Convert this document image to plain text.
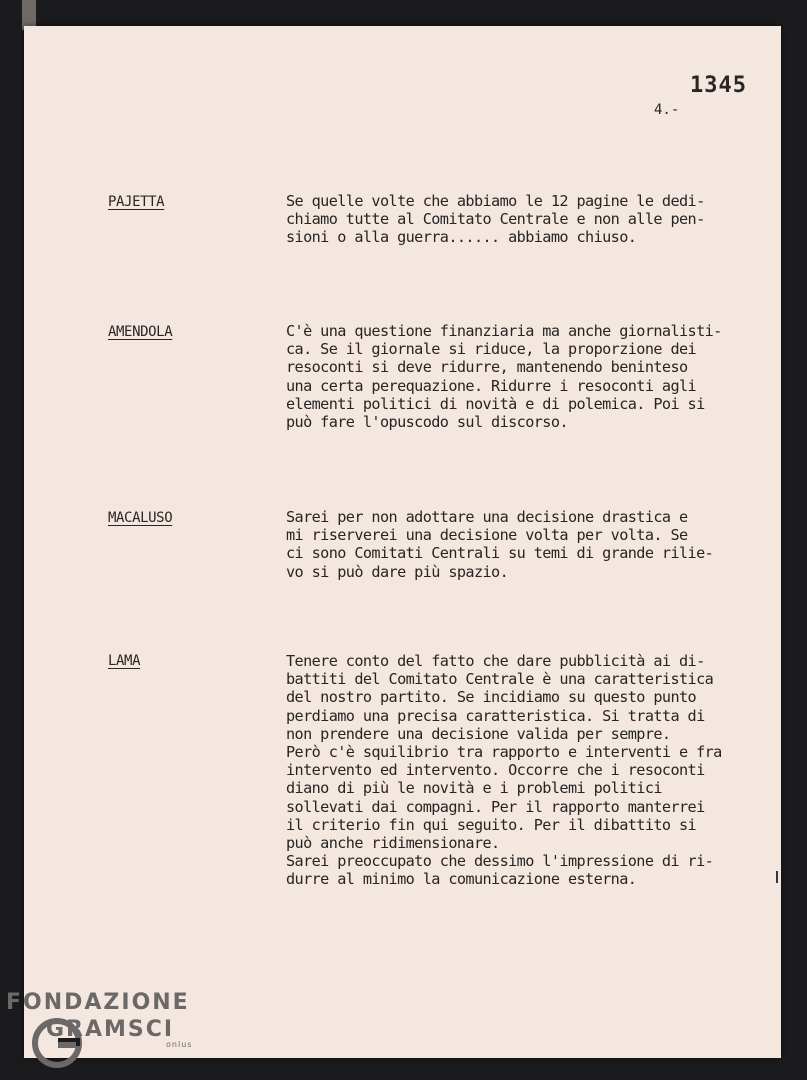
1345
4.-
PAJETTA	Se quelle volte che abbiamo le 12 pagine le dedi-

chiamo tutte al Comitato Centrale e non alle pen-

sioni o alla guerra...... abbiamo chiuso.

AMENDOLA	C'è una questione finanziaria ma anche giornalisti-

ca. Se il giornale si riduce, la proporzione dei

resoconti si deve ridurre, mantenendo beninteso

una certa perequazione. Ridurre i resoconti agli

elementi politici di novità e di polemica. Poi si

può fare l'opuscodo sul discorso.

MACALUSO	Sarei per non adottare una decisione drastica e

mi riserverei una decisione volta per volta. Se

ci sono Comitati Centrali su temi di grande rilie-

vo si può dare più spazio.

LAMA	Tenere conto del fatto che dare pubblicità ai di-

battiti del Comitato Centrale è una caratteristica

del nostro partito. Se incidiamo su questo punto

perdiamo una precisa caratteristica. Si tratta di

non prendere una decisione valida per sempre.

Però c'è squilibrio tra rapporto e interventi e fra

intervento ed intervento. Occorre che i resoconti

diano di più le novità e i problemi politici

sollevati dai compagni. Per il rapporto manterrei

il criterio fin qui seguito. Per il dibattito si

può anche ridimensionare.

Sarei preoccupato che dessimo l'impressione di ri-

durre al minimo la comunicazione esterna.

FONDAZIONE
GRAMSCI
onlus
